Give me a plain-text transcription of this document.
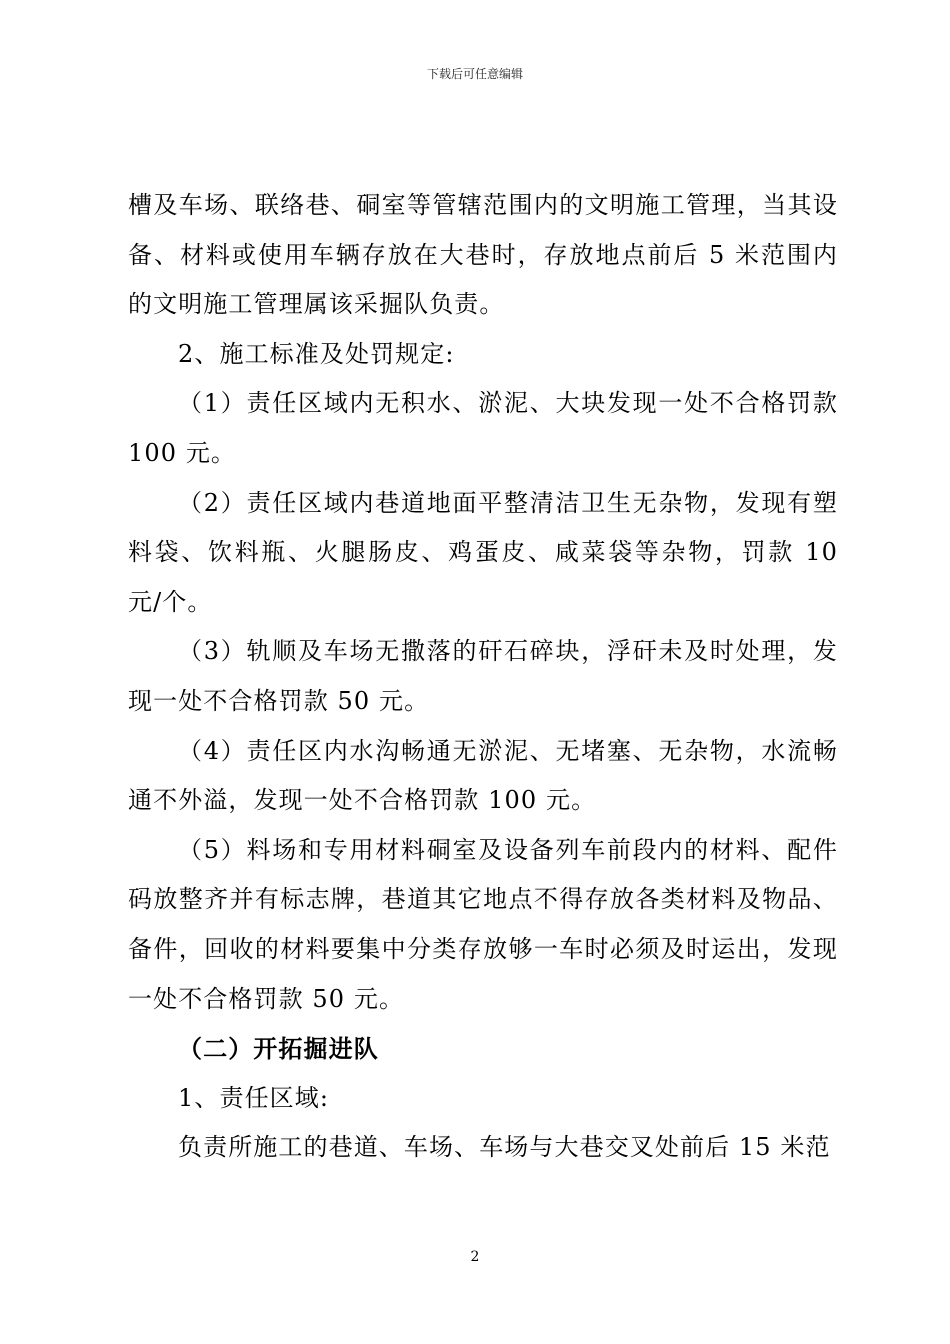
下载后可任意编辑

槽及车场、联络巷、硐室等管辖范围内的文明施工管理，当其设备、材料或使用车辆存放在大巷时，存放地点前后 5 米范围内的文明施工管理属该采掘队负责。

2、施工标准及处罚规定:

（1）责任区域内无积水、淤泥、大块发现一处不合格罚款100 元。

（2）责任区域内巷道地面平整清洁卫生无杂物，发现有塑料袋、饮料瓶、火腿肠皮、鸡蛋皮、咸菜袋等杂物，罚款 10 元/个。

（3）轨顺及车场无撒落的矸石碎块，浮矸未及时处理，发现一处不合格罚款 50 元。

（4）责任区内水沟畅通无淤泥、无堵塞、无杂物，水流畅通不外溢，发现一处不合格罚款 100 元。

（5）料场和专用材料硐室及设备列车前段内的材料、配件码放整齐并有标志牌，巷道其它地点不得存放各类材料及物品、备件，回收的材料要集中分类存放够一车时必须及时运出，发现一处不合格罚款 50 元。

（二）开拓掘进队

1、责任区域:

负责所施工的巷道、车场、车场与大巷交叉处前后 15 米范

2
